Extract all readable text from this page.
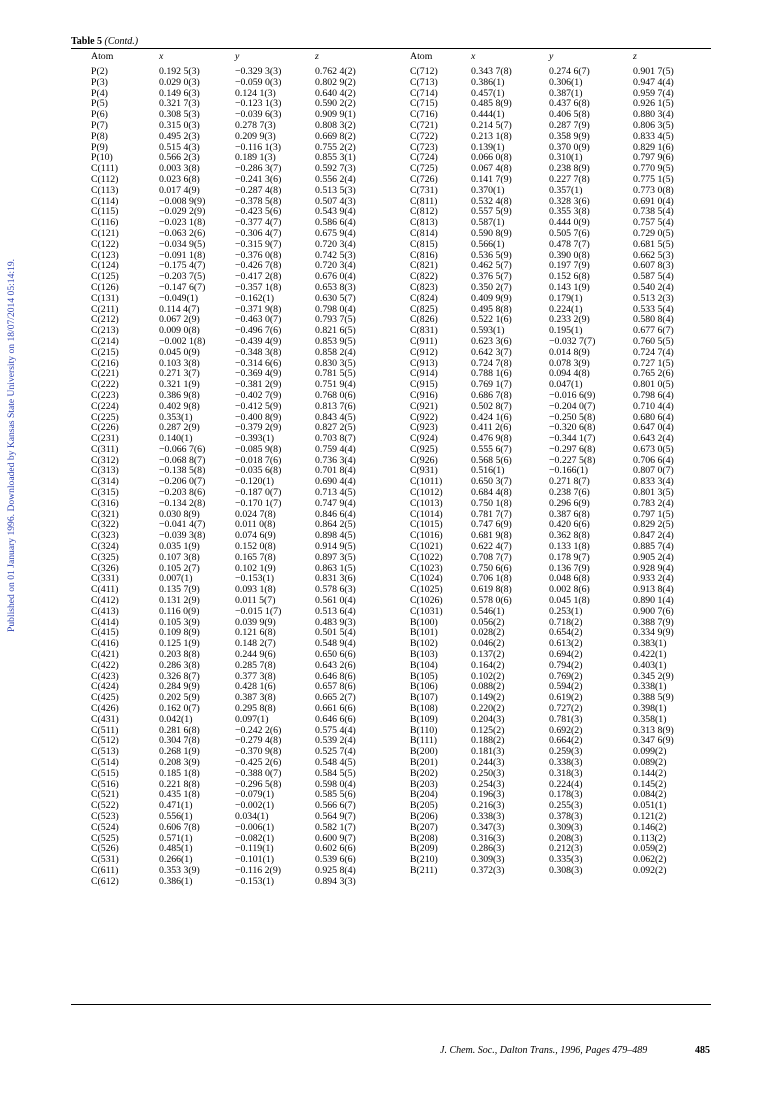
Published on 01 January 1996. Downloaded by Kansas State University on 18/07/2014 05:14:19.
Table 5 (Contd.)
Atom	x	y	z
P(2)	0.192 5(3)	−0.329 3(3)	0.762 4(2)
P(3)	0.029 0(3)	−0.059 0(3)	0.802 9(2)
P(4)	0.149 6(3)	0.124 1(3)	0.640 4(2)
P(5)	0.321 7(3)	−0.123 1(3)	0.590 2(2)
P(6)	0.308 5(3)	−0.039 6(3)	0.909 9(1)
P(7)	0.315 0(3)	0.278 7(3)	0.808 3(2)
P(8)	0.495 2(3)	0.209 9(3)	0.669 8(2)
P(9)	0.515 4(3)	−0.116 1(3)	0.755 2(2)
P(10)	0.566 2(3)	0.189 1(3)	0.855 3(1)
C(111)	0.003 3(8)	−0.286 3(7)	0.592 7(3)
C(112)	0.023 6(8)	−0.241 3(6)	0.556 2(4)
C(113)	0.017 4(9)	−0.287 4(8)	0.513 5(3)
C(114)	−0.008 9(9)	−0.378 5(8)	0.507 4(3)
C(115)	−0.029 2(9)	−0.423 5(6)	0.543 9(4)
C(116)	−0.023 1(8)	−0.377 4(7)	0.586 6(4)
C(121)	−0.063 2(6)	−0.306 4(7)	0.675 9(4)
C(122)	−0.034 9(5)	−0.315 9(7)	0.720 3(4)
C(123)	−0.091 1(8)	−0.376 0(8)	0.742 5(3)
C(124)	−0.175 4(7)	−0.426 7(8)	0.720 3(4)
C(125)	−0.203 7(5)	−0.417 2(8)	0.676 0(4)
C(126)	−0.147 6(7)	−0.357 1(8)	0.653 8(3)
C(131)	−0.049(1)	−0.162(1)	0.630 5(7)
C(211)	0.114 4(7)	−0.371 9(8)	0.798 0(4)
C(212)	0.067 2(9)	−0.463 0(7)	0.793 7(5)
C(213)	0.009 0(8)	−0.496 7(6)	0.821 6(5)
C(214)	−0.002 1(8)	−0.439 4(9)	0.853 9(5)
C(215)	0.045 0(9)	−0.348 3(8)	0.858 2(4)
C(216)	0.103 3(8)	−0.314 6(6)	0.830 3(5)
C(221)	0.271 3(7)	−0.369 4(9)	0.781 5(5)
C(222)	0.321 1(9)	−0.381 2(9)	0.751 9(4)
C(223)	0.386 9(8)	−0.402 7(9)	0.768 0(6)
C(224)	0.402 9(8)	−0.412 5(9)	0.813 7(6)
C(225)	0.353(1)	−0.400 8(9)	0.843 4(5)
C(226)	0.287 2(9)	−0.379 2(9)	0.827 2(5)
C(231)	0.140(1)	−0.393(1)	0.703 8(7)
C(311)	−0.066 7(6)	−0.085 9(8)	0.759 4(4)
C(312)	−0.068 8(7)	−0.018 7(6)	0.736 3(4)
C(313)	−0.138 5(8)	−0.035 6(8)	0.701 8(4)
C(314)	−0.206 0(7)	−0.120(1)	0.690 4(4)
C(315)	−0.203 8(6)	−0.187 0(7)	0.713 4(5)
C(316)	−0.134 2(8)	−0.170 1(7)	0.747 9(4)
C(321)	0.030 8(9)	0.024 7(8)	0.846 6(4)
C(322)	−0.041 4(7)	0.011 0(8)	0.864 2(5)
C(323)	−0.039 3(8)	0.074 6(9)	0.898 4(5)
C(324)	0.035 1(9)	0.152 0(8)	0.914 9(5)
C(325)	0.107 3(8)	0.165 7(8)	0.897 3(5)
C(326)	0.105 2(7)	0.102 1(9)	0.863 1(5)
C(331)	0.007(1)	−0.153(1)	0.831 3(6)
C(411)	0.135 7(9)	0.093 1(8)	0.578 6(3)
C(412)	0.131 2(9)	0.011 5(7)	0.561 0(4)
C(413)	0.116 0(9)	−0.015 1(7)	0.513 6(4)
C(414)	0.105 3(9)	0.039 9(9)	0.483 9(3)
C(415)	0.109 8(9)	0.121 6(8)	0.501 5(4)
C(416)	0.125 1(9)	0.148 2(7)	0.548 9(4)
C(421)	0.203 8(8)	0.244 9(6)	0.650 6(6)
C(422)	0.286 3(8)	0.285 7(8)	0.643 2(6)
C(423)	0.326 8(7)	0.377 3(8)	0.646 8(6)
C(424)	0.284 9(9)	0.428 1(6)	0.657 8(6)
C(425)	0.202 5(9)	0.387 3(8)	0.665 2(7)
C(426)	0.162 0(7)	0.295 8(8)	0.661 6(6)
C(431)	0.042(1)	0.097(1)	0.646 6(6)
C(511)	0.281 6(8)	−0.242 2(6)	0.575 4(4)
C(512)	0.304 7(8)	−0.279 4(8)	0.539 2(4)
C(513)	0.268 1(9)	−0.370 9(8)	0.525 7(4)
C(514)	0.208 3(9)	−0.425 2(6)	0.548 4(5)
C(515)	0.185 1(8)	−0.388 0(7)	0.584 5(5)
C(516)	0.221 8(8)	−0.296 5(8)	0.598 0(4)
C(521)	0.435 1(8)	−0.079(1)	0.585 5(6)
C(522)	0.471(1)	−0.002(1)	0.566 6(7)
C(523)	0.556(1)	0.034(1)	0.564 9(7)
C(524)	0.606 7(8)	−0.006(1)	0.582 1(7)
C(525)	0.571(1)	−0.082(1)	0.600 9(7)
C(526)	0.485(1)	−0.119(1)	0.602 6(6)
C(531)	0.266(1)	−0.101(1)	0.539 6(6)
C(611)	0.353 3(9)	−0.116 2(9)	0.925 8(4)
C(612)	0.386(1)	−0.153(1)	0.894 3(3)
Atom	x	y	z
C(712)	0.343 7(8)	0.274 6(7)	0.901 7(5)
C(713)	0.386(1)	0.306(1)	0.947 4(4)
C(714)	0.457(1)	0.387(1)	0.959 7(4)
C(715)	0.485 8(9)	0.437 6(8)	0.926 1(5)
C(716)	0.444(1)	0.406 5(8)	0.880 3(4)
C(721)	0.214 5(7)	0.287 7(9)	0.806 3(5)
C(722)	0.213 1(8)	0.358 9(9)	0.833 4(5)
C(723)	0.139(1)	0.370 0(9)	0.829 1(6)
C(724)	0.066 0(8)	0.310(1)	0.797 9(6)
C(725)	0.067 4(8)	0.238 8(9)	0.770 9(5)
C(726)	0.141 7(9)	0.227 7(8)	0.775 1(5)
C(731)	0.370(1)	0.357(1)	0.773 0(8)
C(811)	0.532 4(8)	0.328 3(6)	0.691 0(4)
C(812)	0.557 5(9)	0.355 3(8)	0.738 5(4)
C(813)	0.587(1)	0.444 0(9)	0.757 5(4)
C(814)	0.590 8(9)	0.505 7(6)	0.729 0(5)
C(815)	0.566(1)	0.478 7(7)	0.681 5(5)
C(816)	0.536 5(9)	0.390 0(8)	0.662 5(3)
C(821)	0.462 5(7)	0.197 7(9)	0.607 8(3)
C(822)	0.376 5(7)	0.152 6(8)	0.587 5(4)
C(823)	0.350 2(7)	0.143 1(9)	0.540 2(4)
C(824)	0.409 9(9)	0.179(1)	0.513 2(3)
C(825)	0.495 8(8)	0.224(1)	0.533 5(4)
C(826)	0.522 1(6)	0.233 2(9)	0.580 8(4)
C(831)	0.593(1)	0.195(1)	0.677 6(7)
C(911)	0.623 3(6)	−0.032 7(7)	0.760 5(5)
C(912)	0.642 3(7)	0.014 8(9)	0.724 7(4)
C(913)	0.724 7(8)	0.078 3(9)	0.727 1(5)
C(914)	0.788 1(6)	0.094 4(8)	0.765 2(6)
C(915)	0.769 1(7)	0.047(1)	0.801 0(5)
C(916)	0.686 7(8)	−0.016 6(9)	0.798 6(4)
C(921)	0.502 8(7)	−0.204 0(7)	0.710 4(4)
C(922)	0.424 1(6)	−0.250 5(8)	0.680 6(4)
C(923)	0.411 2(6)	−0.320 6(8)	0.647 0(4)
C(924)	0.476 9(8)	−0.344 1(7)	0.643 2(4)
C(925)	0.555 6(7)	−0.297 6(8)	0.673 0(5)
C(926)	0.568 5(6)	−0.227 5(8)	0.706 6(4)
C(931)	0.516(1)	−0.166(1)	0.807 0(7)
C(1011)	0.650 3(7)	0.271 8(7)	0.833 3(4)
C(1012)	0.684 4(8)	0.238 7(6)	0.801 3(5)
C(1013)	0.750 1(8)	0.296 6(9)	0.783 2(4)
C(1014)	0.781 7(7)	0.387 6(8)	0.797 1(5)
C(1015)	0.747 6(9)	0.420 6(6)	0.829 2(5)
C(1016)	0.681 9(8)	0.362 8(8)	0.847 2(4)
C(1021)	0.622 4(7)	0.133 1(8)	0.885 7(4)
C(1022)	0.708 7(7)	0.178 9(7)	0.905 2(4)
C(1023)	0.750 6(6)	0.136 7(9)	0.928 9(4)
C(1024)	0.706 1(8)	0.048 6(8)	0.933 2(4)
C(1025)	0.619 8(8)	0.002 8(6)	0.913 8(4)
C(1026)	0.578 0(6)	0.045 1(8)	0.890 1(4)
C(1031)	0.546(1)	0.253(1)	0.900 7(6)
B(100)	0.056(2)	0.718(2)	0.388 7(9)
B(101)	0.028(2)	0.654(2)	0.334 9(9)
B(102)	0.046(2)	0.613(2)	0.383(1)
B(103)	0.137(2)	0.694(2)	0.422(1)
B(104)	0.164(2)	0.794(2)	0.403(1)
B(105)	0.102(2)	0.769(2)	0.345 2(9)
B(106)	0.088(2)	0.594(2)	0.338(1)
B(107)	0.149(2)	0.619(2)	0.388 5(9)
B(108)	0.220(2)	0.727(2)	0.398(1)
B(109)	0.204(3)	0.781(3)	0.358(1)
B(110)	0.125(2)	0.692(2)	0.313 8(9)
B(111)	0.188(2)	0.664(2)	0.347 6(9)
B(200)	0.181(3)	0.259(3)	0.099(2)
B(201)	0.244(3)	0.338(3)	0.089(2)
B(202)	0.250(3)	0.318(3)	0.144(2)
B(203)	0.254(3)	0.224(4)	0.145(2)
B(204)	0.196(3)	0.178(3)	0.084(2)
B(205)	0.216(3)	0.255(3)	0.051(1)
B(206)	0.338(3)	0.378(3)	0.121(2)
B(207)	0.347(3)	0.309(3)	0.146(2)
B(208)	0.316(3)	0.208(3)	0.113(2)
B(209)	0.286(3)	0.212(3)	0.059(2)
B(210)	0.309(3)	0.335(3)	0.062(2)
B(211)	0.372(3)	0.308(3)	0.092(2)
J. Chem. Soc., Dalton Trans., 1996, Pages 479–489	485
